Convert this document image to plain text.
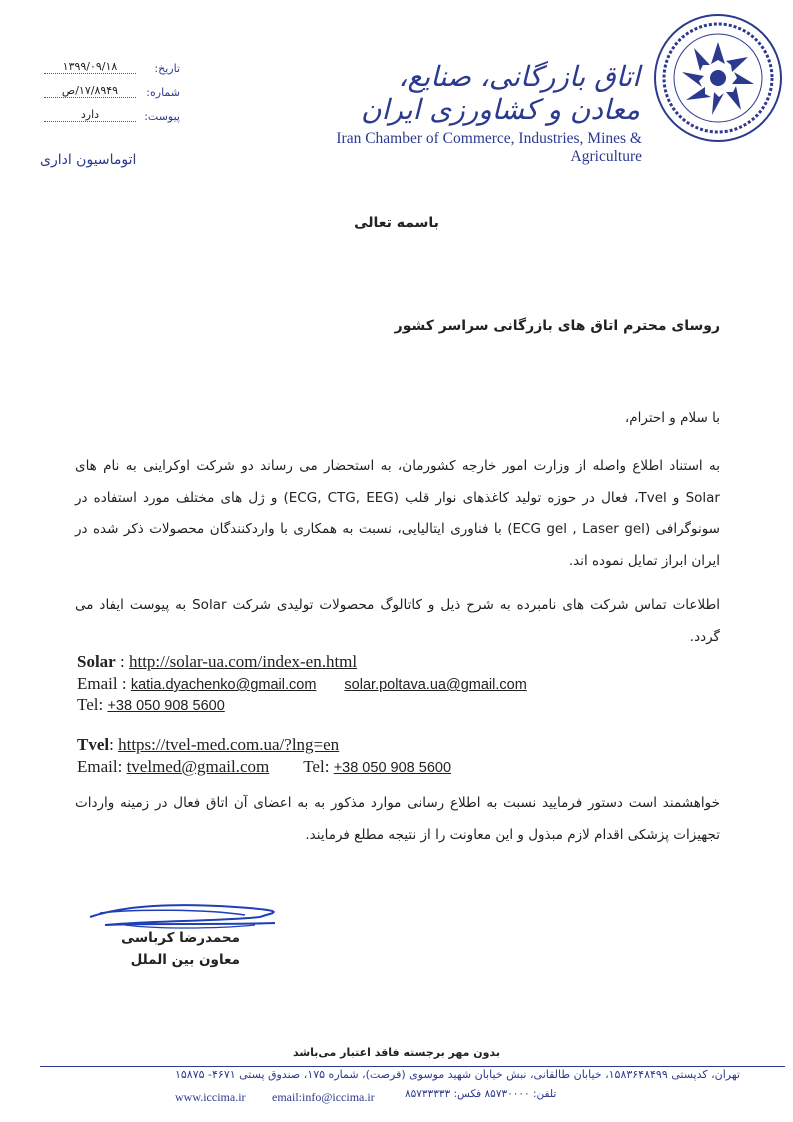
اتاق بازرگانی، صنایع، معادن و کشاورزی ایران
Iran Chamber of Commerce, Industries, Mines & Agriculture
تاریخ:
۱۳۹۹/۰۹/۱۸
شماره:
۱۷/۸۹۴۹/ص
پیوست:
دارد
اتوماسیون اداری
باسمه تعالی
روسای محترم اتاق های بازرگانی سراسر کشور
با سلام و احترام،
به استناد اطلاع واصله از وزارت امور خارجه کشورمان، به استحضار می رساند دو شرکت اوکراینی به نام های Solar و Tvel، فعال در حوزه تولید کاغذهای نوار قلب (ECG, CTG, EEG) و ژل های مختلف مورد استفاده در سونوگرافی (ECG gel , Laser gel) با فناوری ایتالیایی، نسبت به همکاری با واردکنندگان محصولات ذکر شده در ایران ابراز تمایل نموده اند.
اطلاعات تماس شرکت های نامبرده به شرح ذیل و کاتالوگ محصولات تولیدی شرکت Solar به پیوست ایفاد می گردد.
Solar : http://solar-ua.com/index-en.html
Email : katia.dyachenko@gmail.com solar.poltava.ua@gmail.com
Tel: +38 050 908 5600
Tvel: https://tvel-med.com.ua/?lng=en
Email: tvelmed@gmail.com Tel: +38 050 908 5600
خواهشمند است دستور فرمایید نسبت به اطلاع رسانی موارد مذکور به به اعضای آن اتاق فعال در زمینه واردات تجهیزات پزشکی اقدام لازم مبذول و این معاونت را از نتیجه مطلع فرمایند.
محمدرضا کرباسی
معاون بین الملل
بدون مهر برجسته فاقد اعتبار می‌باشد
تهران، کدپستی ۱۵۸۳۶۴۸۴۹۹، خیابان طالقانی، نبش خیابان شهید موسوی (فرصت)، شماره ۱۷۵، صندوق پستی ۴۶۷۱- ۱۵۸۷۵
www.iccima.ir email:info@iccima.ir	تلفن: ۸۵۷۳۰۰۰۰ فکس: ۸۵۷۳۳۳۳۳
